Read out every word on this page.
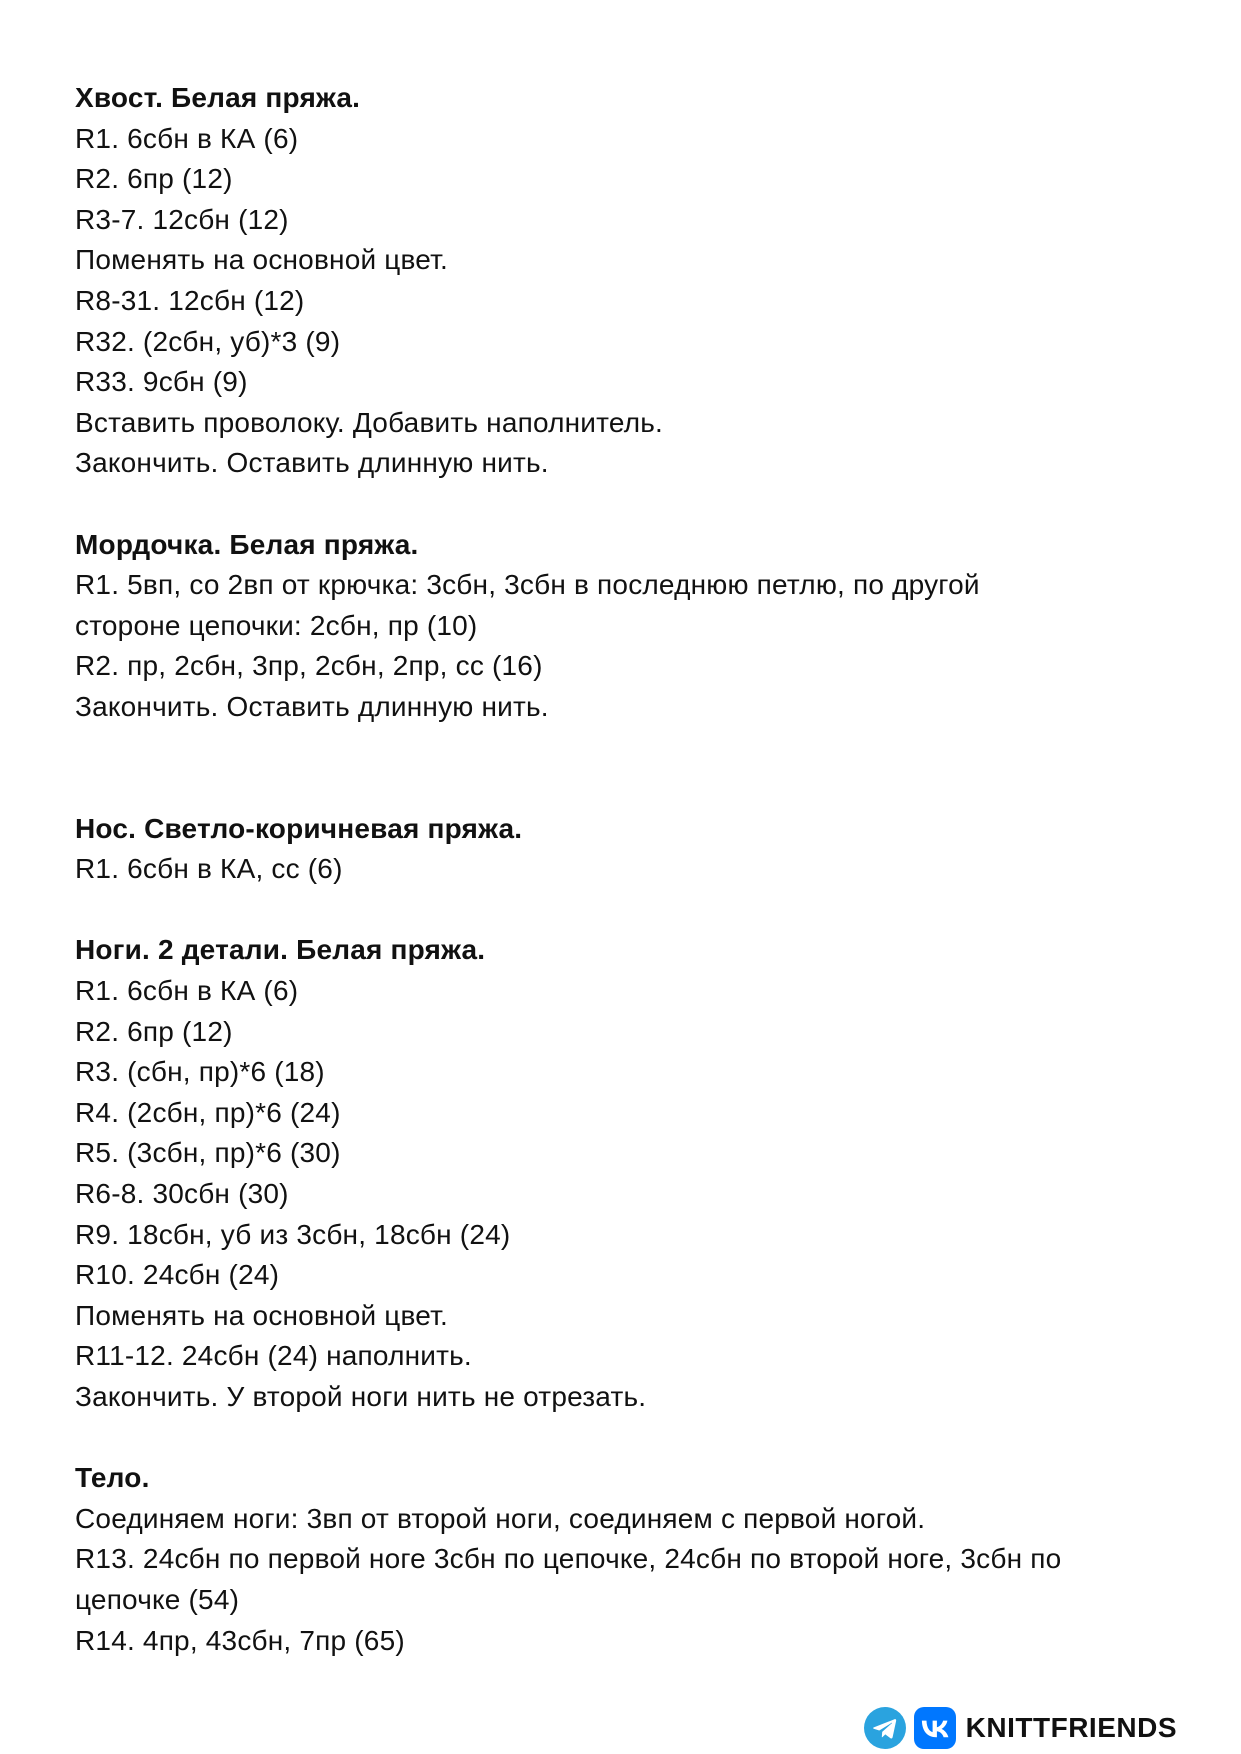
Хвост. Белая пряжа.
R1. 6сбн в КА (6)
R2. 6пр (12)
R3-7. 12сбн (12)
Поменять на основной цвет.
R8-31. 12сбн (12)
R32. (2сбн, уб)*3 (9)
R33. 9сбн (9)
Вставить проволоку. Добавить наполнитель.
Закончить. Оставить длинную нить.
Мордочка. Белая пряжа.
R1. 5вп, со 2вп от крючка: 3сбн, 3сбн в последнюю петлю, по другой
стороне цепочки: 2сбн, пр (10)
R2. пр, 2сбн, 3пр, 2сбн, 2пр, сс (16)
Закончить. Оставить длинную нить.
Нос. Светло-коричневая пряжа.
R1. 6сбн в КА, сс (6)
Ноги. 2 детали. Белая пряжа.
R1. 6сбн в КА (6)
R2. 6пр (12)
R3. (сбн, пр)*6 (18)
R4. (2сбн, пр)*6 (24)
R5. (3сбн, пр)*6 (30)
R6-8. 30сбн (30)
R9. 18сбн, уб из 3сбн, 18сбн (24)
R10. 24сбн (24)
Поменять на основной цвет.
R11-12. 24сбн (24) наполнить.
Закончить. У второй ноги нить не отрезать.
Тело.
Соединяем ноги: 3вп от второй ноги, соединяем с первой ногой.
R13. 24сбн по первой ноге 3сбн по цепочке, 24сбн по второй ноге, 3сбн по
цепочке (54)
R14. 4пр, 43сбн, 7пр (65)
KNITTFRIENDS
